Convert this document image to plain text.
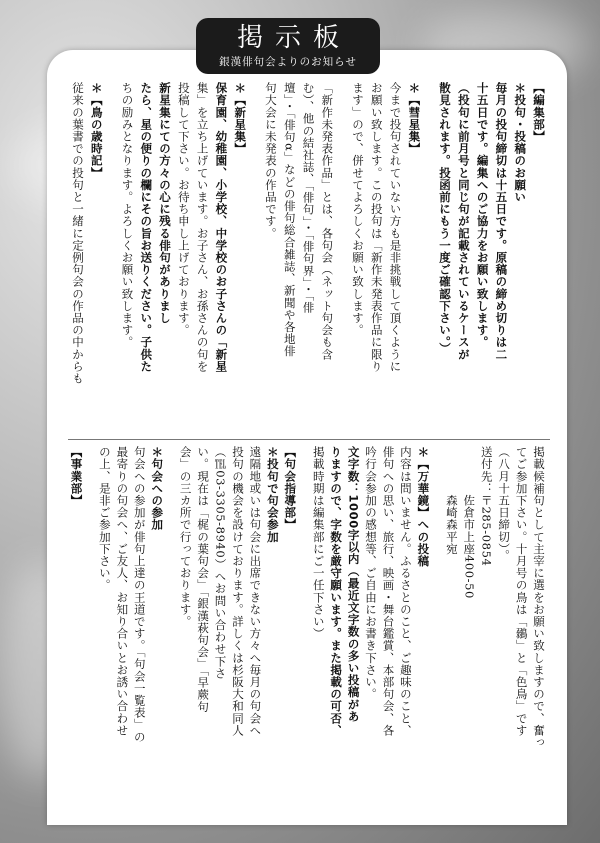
掲示板
銀漢俳句会よりのお知らせ
【編集部】
＊投句・投稿のお願い
毎月の投句締切は十五日です。原稿の締め切りは二
十五日です。編集へのご協力をお願い致します。
（投句に前月号と同じ句が記載されているケースが
散見されます。投函前にもう一度ご確認下さい。）
＊【彗星集】
今まで投句されていない方も是非挑戦して頂くように
お願い致します。この投句は「新作未発表作品に限り
ます」ので、併せてよろしくお願い致します。
「新作未発表作品」とは、各句会（ネット句会も含
む）、他の結社誌、「俳句」・「俳句界」・「俳
壇」・「俳句α」などの俳句総合雑誌、新聞や各地俳
句大会に未発表の作品です。
＊【新星集】
保育園、幼稚園、小学校、中学校のお子さんの「新星
集」を立ち上げています。お子さん、お孫さんの句を
投稿して下さい。お待ち申し上げております。
新星集にての方々の心に残る俳句がありまし
たら、星の便りの欄にその旨お送りください。子供た
ちの励みとなります。よろしくお願い致します。
＊【鳥の歳時記】
従来の葉書での投句と一緒に定例句会の作品の中からも
掲載候補句として主宰に選をお願い致しますので、奮っ
てご参加下さい。十月号の鳥は「鶸」と「色鳥」です
（八月十五日締切）。
送付先：〒285-0854
　　　　佐倉市上座400-50
　　　　森崎森平宛
＊【万華鏡】への投稿
内容は問いません。ふるさとのこと、ご趣味のこと、
俳句への思い、旅行、映画・舞台鑑賞、本部句会、各
吟行会参加の感想等、ご自由にお書き下さい。
文字数：1000字以内（最近文字数の多い投稿があ
りますので、字数を厳守願います。また掲載の可否、
掲載時期は編集部にご一任下さい）
【句会指導部】
＊投句で句会参加
遠隔地或いは句会に出席できない方々へ毎月の句会へ
投句の機会を設けております。詳しくは杉阪大和同人
（℡03-3305-8940）へお問い合わせ下さ
い。現在は「梶の葉句会」「銀漢萩句会」「早蕨句
会」の三カ所で行っております。
＊句会への参加
句会への参加が俳句上達の王道です。「句会一覧表」の
最寄りの句会へ、ご友人、お知り合いとお誘い合わせ
の上、是非ご参加下さい。
【事業部】
